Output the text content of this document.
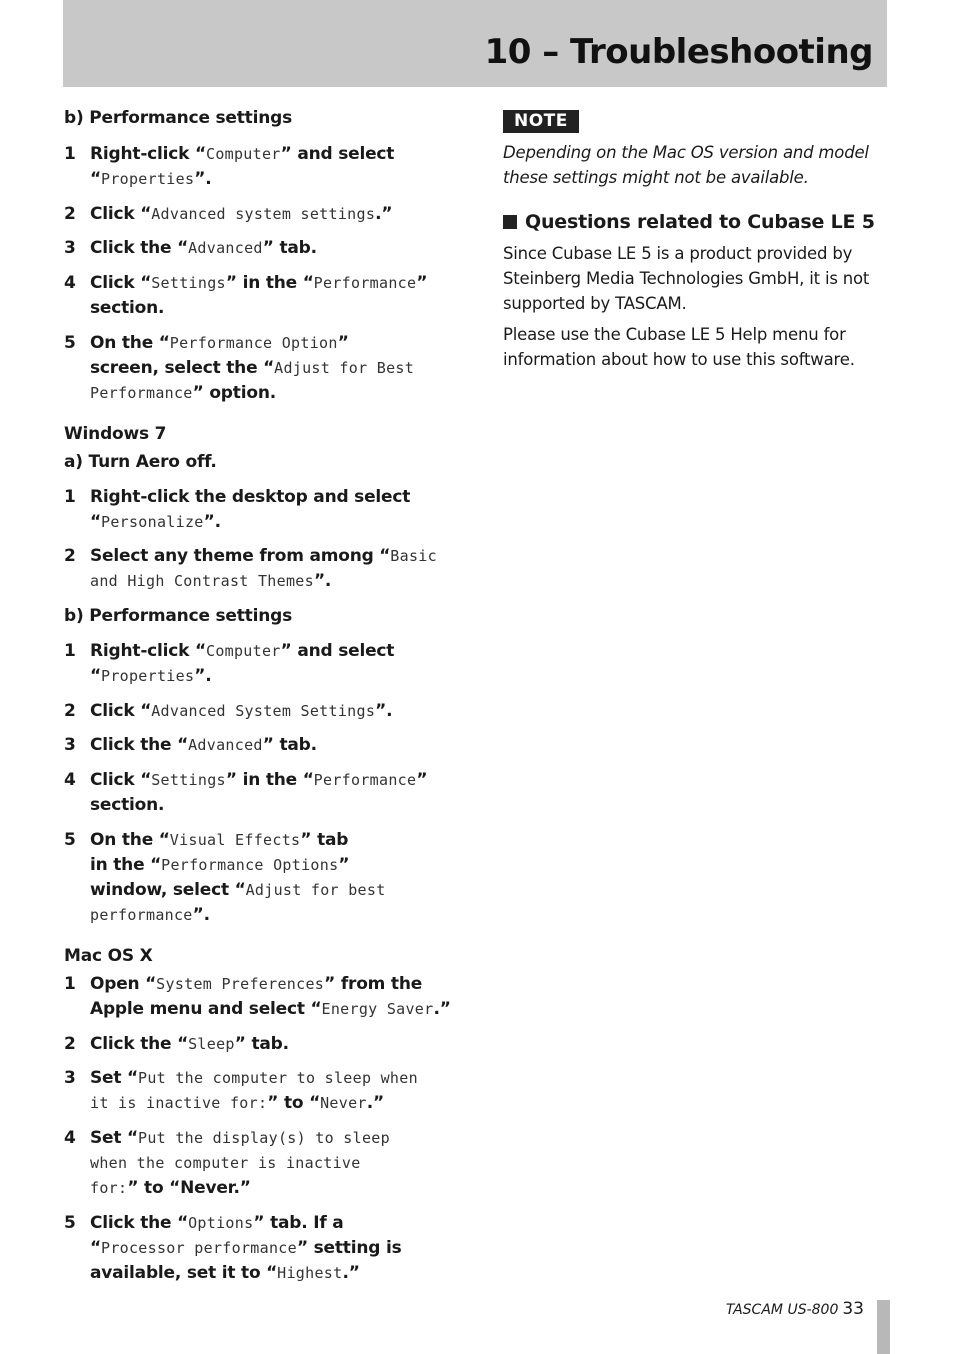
10 – Troubleshooting
b) Performance settings
1 Right-click “Computer” and select
“Properties”.
2 Click “Advanced system settings.”
3 Click the “Advanced” tab.
4 Click “Settings” in the “Performance”
section.
5 On the “Performance Option”
screen, select the “Adjust for Best
Performance” option.
Windows 7
a) Turn Aero off.
1 Right-click the desktop and select
“Personalize”.
2 Select any theme from among “Basic
and High Contrast Themes”.
b) Performance settings
1 Right-click “Computer” and select
“Properties”.
2 Click “Advanced System Settings”.
3 Click the “Advanced” tab.
4 Click “Settings” in the “Performance”
section.
5 On the “Visual Effects” tab
in the “Performance Options”
window, select “Adjust for best
performance”.
Mac OS X
1 Open “System Preferences” from the
Apple menu and select “Energy Saver.”
2 Click the “Sleep” tab.
3 Set “Put the computer to sleep when
it is inactive for:” to “Never.”
4 Set “Put the display(s) to sleep
when the computer is inactive
for:” to “Never.”
5 Click the “Options” tab. If a
“Processor performance” setting is
available, set it to “Highest.”
NOTE
Depending on the Mac OS version and model
these settings might not be available.
Questions related to Cubase LE 5
Since Cubase LE 5 is a product provided by
Steinberg Media Technologies GmbH, it is not
supported by TASCAM.
Please use the Cubase LE 5 Help menu for
information about how to use this software.
TASCAM US-800 33
